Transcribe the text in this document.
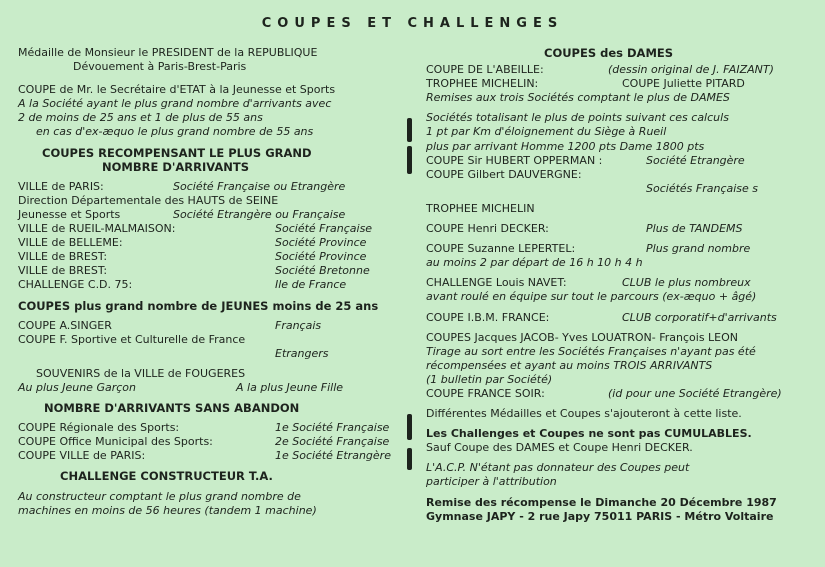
COUPES ET CHALLENGES
Médaille de Monsieur le PRESIDENT de la REPUBLIQUE
Dévouement à Paris-Brest-Paris
COUPE de Mr. le Secrétaire d'ETAT à la Jeunesse et Sports
A la Société ayant le plus grand nombre d'arrivants avec
2 de moins de 25 ans et 1 de plus de 55 ans
en cas d'ex-æquo le plus grand nombre de 55 ans
COUPES RECOMPENSANT LE PLUS GRAND
NOMBRE D'ARRIVANTS
VILLE de PARIS:	Société Française ou Etrangère
Direction Départementale des HAUTS de SEINE
Jeunesse et Sports	Société Etrangère ou Française
VILLE de RUEIL-MALMAISON:	Société Française
VILLE de BELLEME:	Société Province
VILLE de BREST:	Société Province
VILLE de BREST:	Société Bretonne
CHALLENGE C.D. 75:	Ile de France
COUPES plus grand nombre de JEUNES moins de 25 ans
COUPE A.SINGER	Français
COUPE F. Sportive et Culturelle de France
Etrangers
SOUVENIRS de la VILLE de FOUGERES
Au plus Jeune Garçon	A la plus Jeune Fille
NOMBRE D'ARRIVANTS SANS ABANDON
COUPE Régionale des Sports:	1e Société Française
COUPE Office Municipal des Sports:	2e Société Française
COUPE VILLE de PARIS:	1e Société Etrangère
CHALLENGE CONSTRUCTEUR T.A.
Au constructeur comptant le plus grand nombre de
machines en moins de 56 heures (tandem 1 machine)
COUPES des DAMES
COUPE DE L'ABEILLE:	(dessin original de J. FAIZANT)
TROPHEE MICHELIN:	COUPE Juliette PITARD
Remises aux trois Sociétés comptant le plus de DAMES
Sociétés totalisant le plus de points suivant ces calculs
1 pt par Km d'éloignement du Siège à Rueil
plus par arrivant Homme 1200 pts Dame 1800 pts
COUPE Sir HUBERT OPPERMAN :	Société Etrangère
COUPE Gilbert DAUVERGNE:
Sociétés Française s
TROPHEE MICHELIN
COUPE Henri DECKER:	Plus de TANDEMS
COUPE Suzanne LEPERTEL:	Plus grand nombre
au moins 2 par départ de 16 h 10 h 4 h
CHALLENGE Louis NAVET:	CLUB le plus nombreux
avant roulé en équipe sur tout le parcours (ex-æquo + âgé)
COUPE I.B.M. FRANCE:	CLUB corporatif+d'arrivants
COUPES Jacques JACOB- Yves LOUATRON- François LEON
Tirage au sort entre les Sociétés Françaises n'ayant pas été
récompensées et ayant au moins TROIS ARRIVANTS
(1 bulletin par Société)
COUPE FRANCE SOIR:	(id pour une Société Etrangère)
Différentes Médailles et Coupes s'ajouteront à cette liste.
Les Challenges et Coupes ne sont pas CUMULABLES.
Sauf Coupe des DAMES et Coupe Henri DECKER.
L'A.C.P. N'étant pas donnateur des Coupes peut
participer à l'attribution
Remise des récompense le Dimanche 20 Décembre 1987
Gymnase JAPY - 2 rue Japy 75011 PARIS - Métro Voltaire
